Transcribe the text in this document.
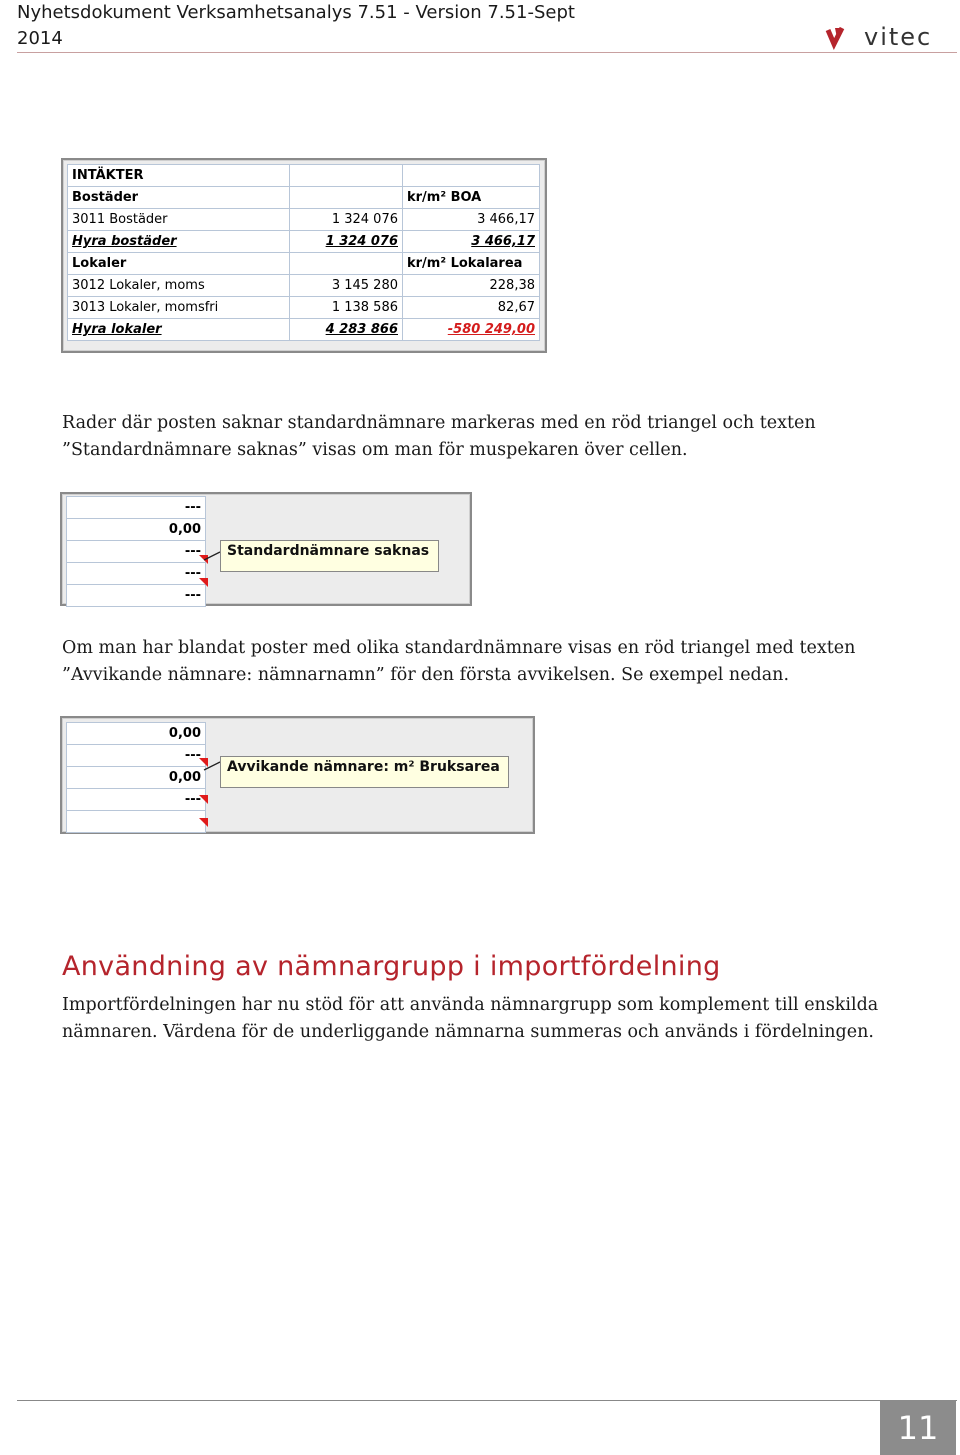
Nyhetsdokument Verksamhetsanalys 7.51 - Version 7.51-Sept 2014	vitec
INTÄKTER		
Bostäder		kr/m² BOA
3011 Bostäder	1 324 076	3 466,17
Hyra bostäder	1 324 076	3 466,17
Lokaler		kr/m² Lokalarea
3012 Lokaler, moms	3 145 280	228,38
3013 Lokaler, momsfri	1 138 586	82,67
Hyra lokaler	4 283 866	-580 249,00
Rader där posten saknar standardnämnare markeras med en röd triangel och texten ”Standardnämnare saknas” visas om man för muspekaren över cellen.
---
0,00
---
---
---
Standardnämnare saknas
Om man har blandat poster med olika standardnämnare visas en röd triangel med texten ”Avvikande nämnare: nämnarnamn” för den första avvikelsen. Se exempel nedan.
0,00
---
0,00
---

Avvikande nämnare: m² Bruksarea
Användning av nämnargrupp i importfördelning
Importfördelningen har nu stöd för att använda nämnargrupp som komplement till enskilda nämnaren. Värdena för de underliggande nämnarna summeras och används i fördelningen.
11
